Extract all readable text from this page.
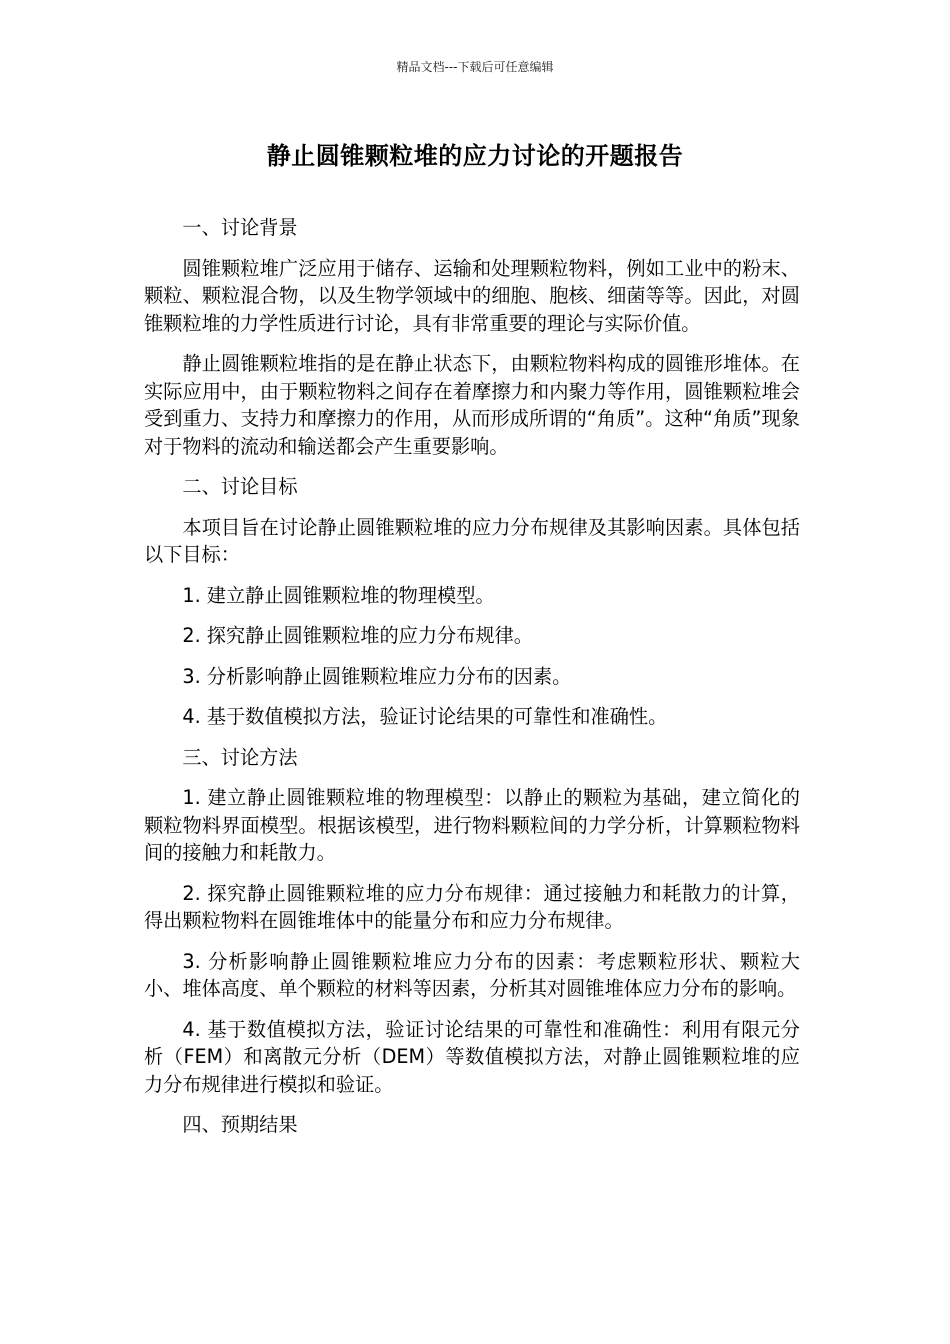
精品文档---下载后可任意编辑
静止圆锥颗粒堆的应力讨论的开题报告

一、讨论背景

圆锥颗粒堆广泛应用于储存、运输和处理颗粒物料，例如工业中的粉末、颗粒、颗粒混合物，以及生物学领域中的细胞、胞核、细菌等等。因此，对圆锥颗粒堆的力学性质进行讨论，具有非常重要的理论与实际价值。

静止圆锥颗粒堆指的是在静止状态下，由颗粒物料构成的圆锥形堆体。在实际应用中，由于颗粒物料之间存在着摩擦力和内聚力等作用，圆锥颗粒堆会受到重力、支持力和摩擦力的作用，从而形成所谓的“角质”。这种“角质”现象对于物料的流动和输送都会产生重要影响。

二、讨论目标

本项目旨在讨论静止圆锥颗粒堆的应力分布规律及其影响因素。具体包括以下目标：

1. 建立静止圆锥颗粒堆的物理模型。

2. 探究静止圆锥颗粒堆的应力分布规律。

3. 分析影响静止圆锥颗粒堆应力分布的因素。

4. 基于数值模拟方法，验证讨论结果的可靠性和准确性。

三、讨论方法

1. 建立静止圆锥颗粒堆的物理模型：以静止的颗粒为基础，建立简化的颗粒物料界面模型。根据该模型，进行物料颗粒间的力学分析，计算颗粒物料间的接触力和耗散力。

2. 探究静止圆锥颗粒堆的应力分布规律：通过接触力和耗散力的计算，得出颗粒物料在圆锥堆体中的能量分布和应力分布规律。

3. 分析影响静止圆锥颗粒堆应力分布的因素：考虑颗粒形状、颗粒大小、堆体高度、单个颗粒的材料等因素，分析其对圆锥堆体应力分布的影响。

4. 基于数值模拟方法，验证讨论结果的可靠性和准确性：利用有限元分析（FEM）和离散元分析（DEM）等数值模拟方法，对静止圆锥颗粒堆的应力分布规律进行模拟和验证。

四、预期结果
